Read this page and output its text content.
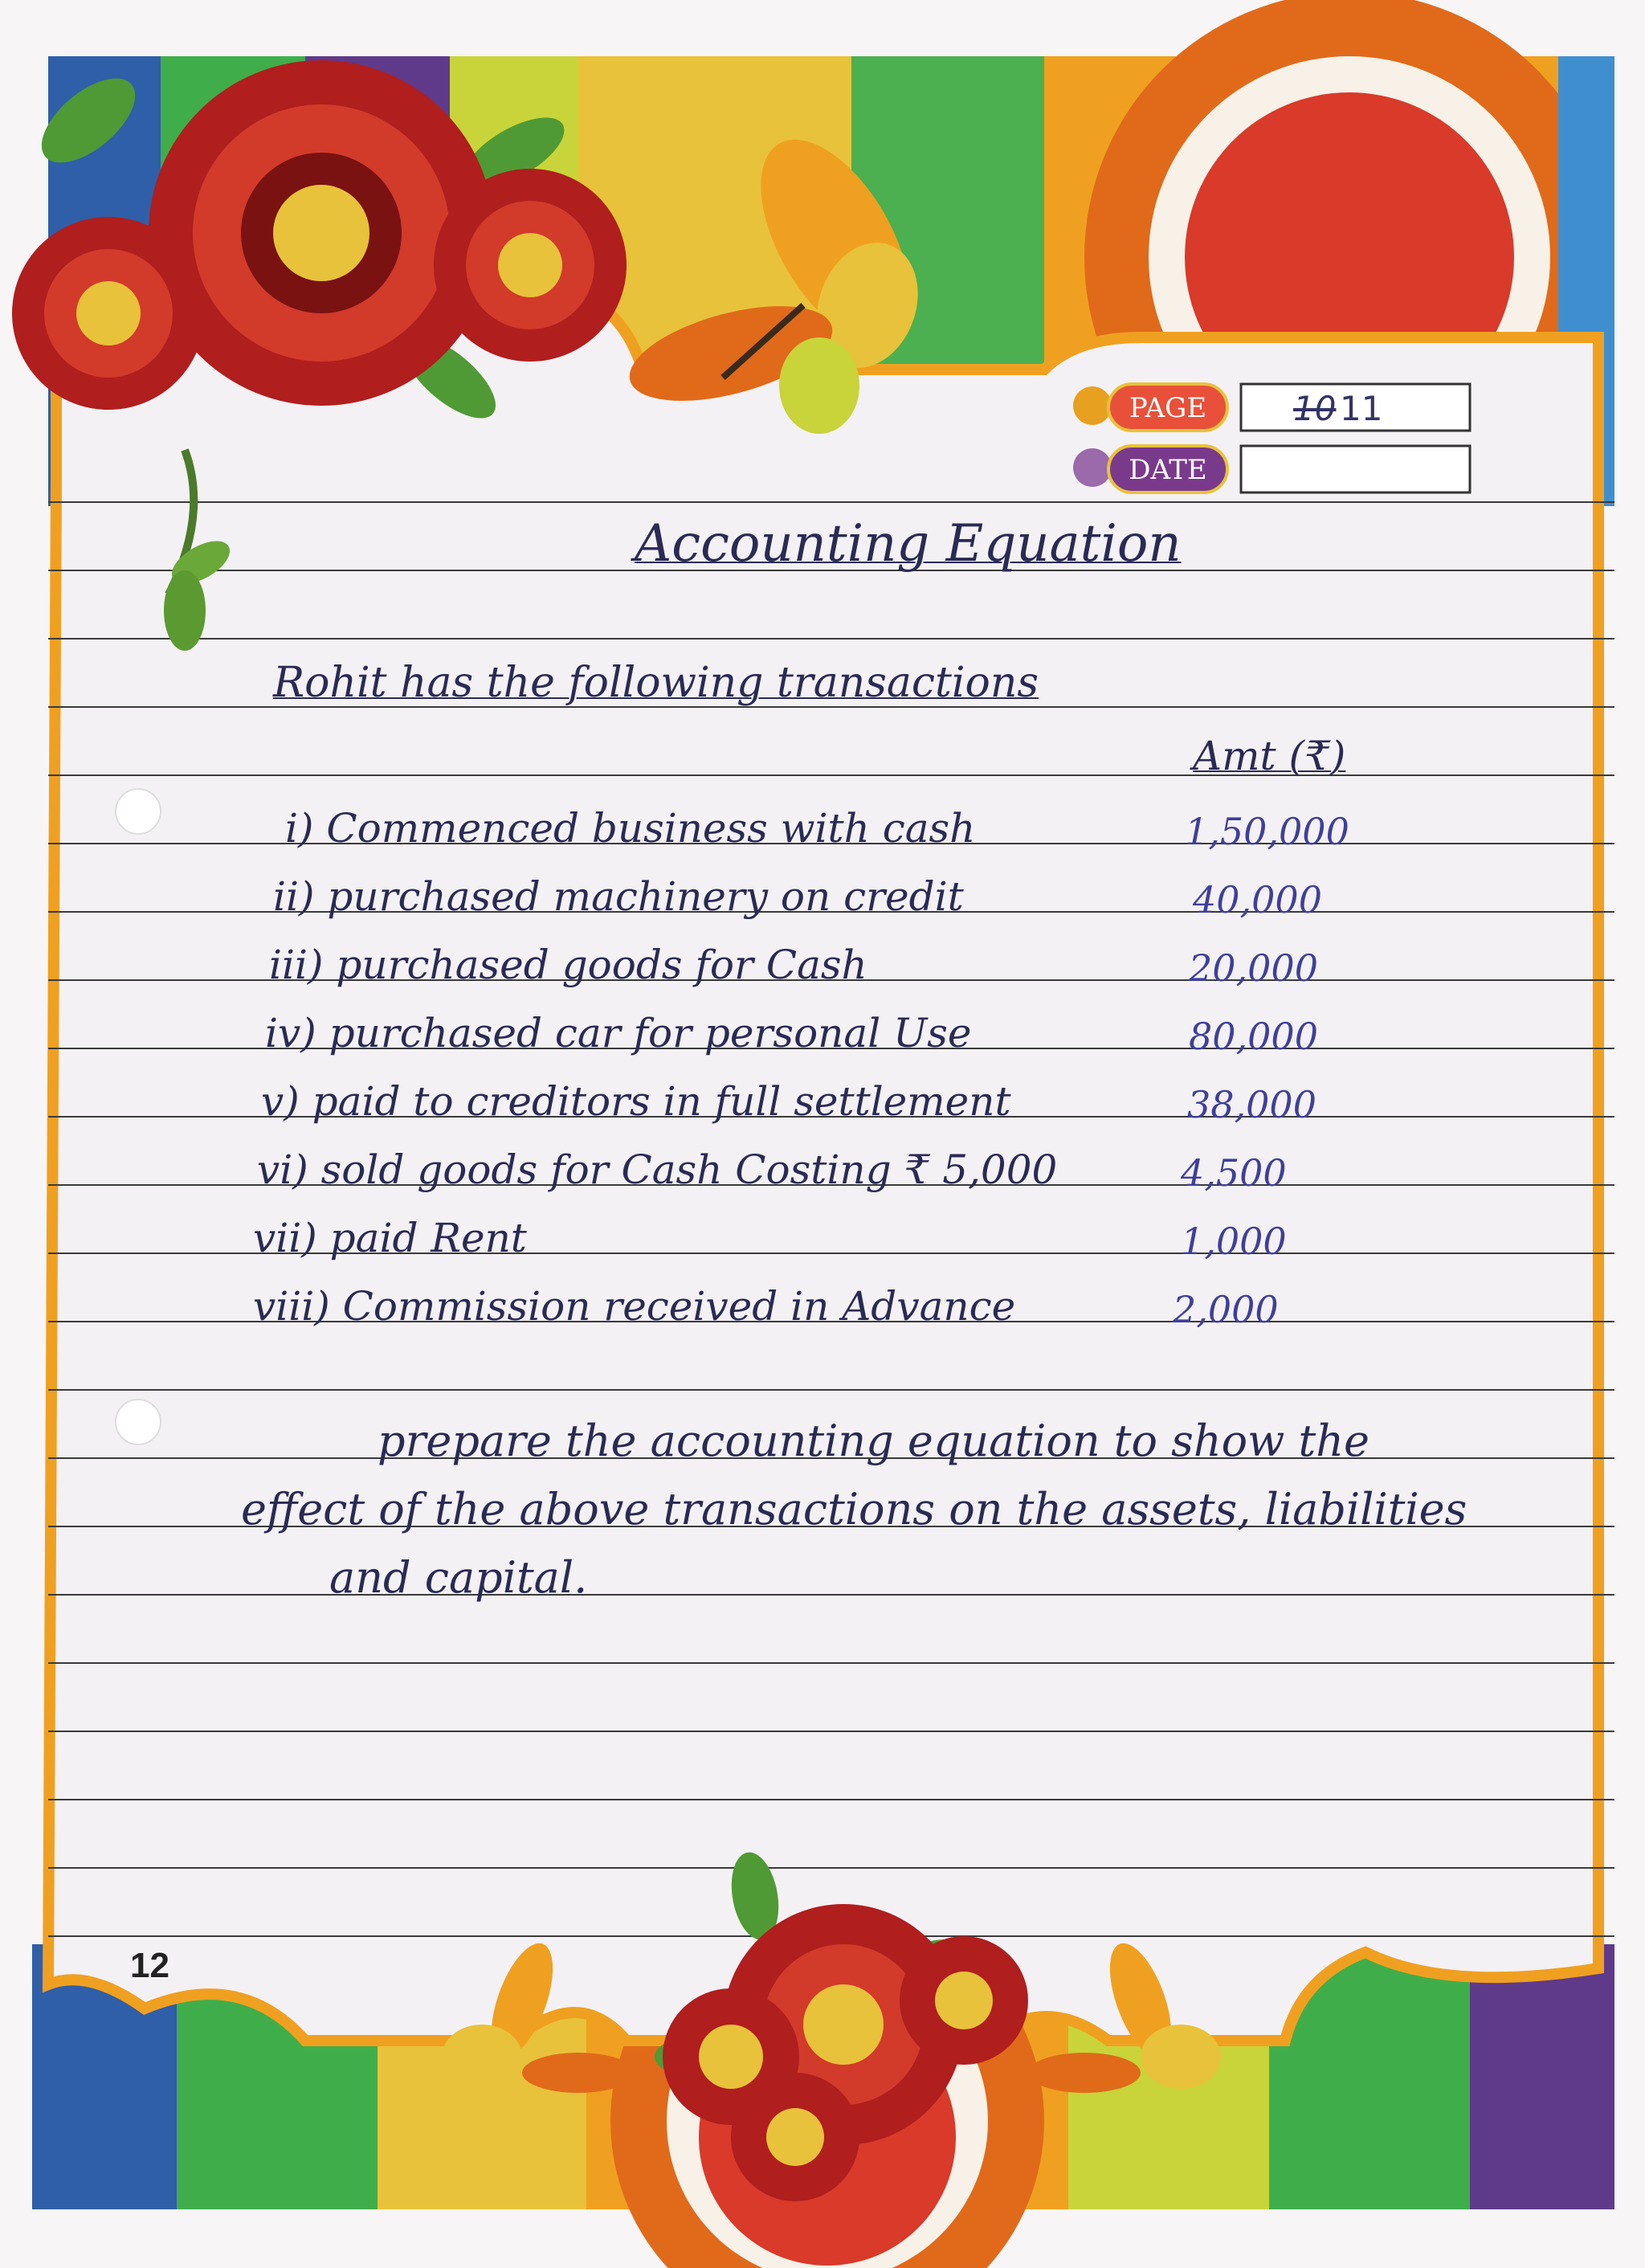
PAGE
DATE
10 11
Accounting Equation
Rohit has the following transactions
Amt (₹)
i) Commenced business with cash	1,50,000
ii) purchased machinery on credit	40,000
iii) purchased goods for Cash	20,000
iv) purchased car for personal Use	80,000
v) paid to creditors in full settlement	38,000
vi) sold goods for Cash Costing ₹ 5,000	4,500
vii) paid Rent	1,000
viii) Commission received in Advance	2,000
prepare the accounting equation to show the
effect of the above transactions on the assets, liabilities
and capital.
12
